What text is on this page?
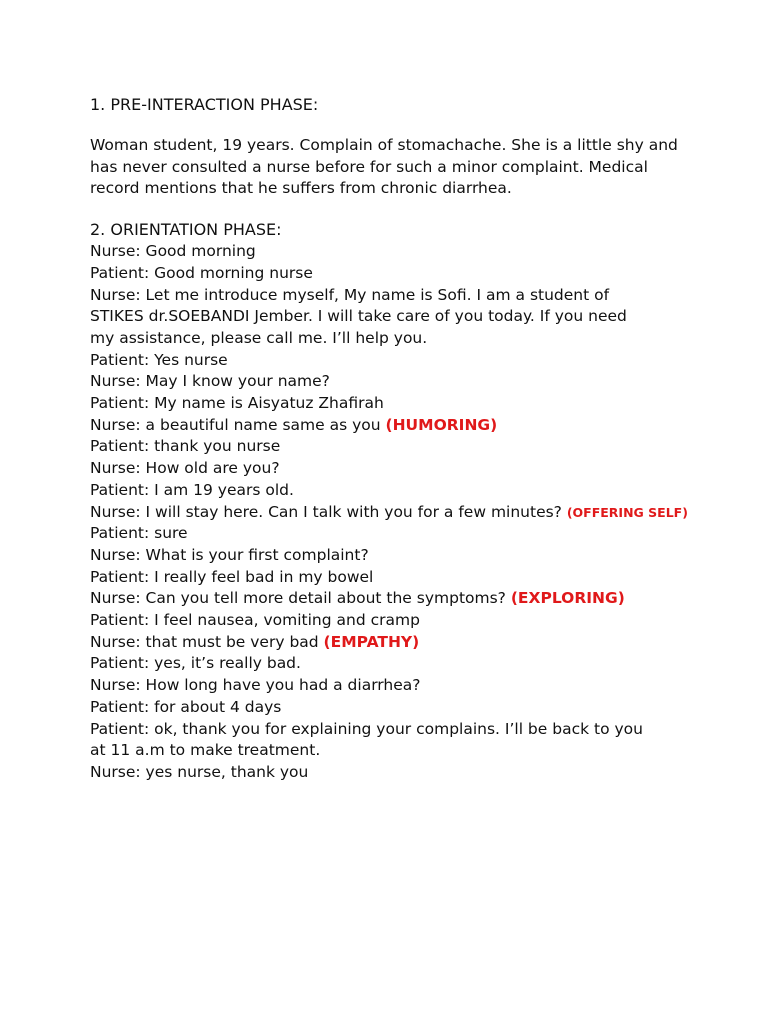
1. PRE-INTERACTION PHASE:

Woman student, 19 years. Complain of stomachache. She is a little shy and has never consulted a nurse before for such a minor complaint. Medical record mentions that he suffers from chronic diarrhea.

2. ORIENTATION PHASE:
Nurse: Good morning
Patient: Good morning nurse
Nurse: Let me introduce myself, My name is Sofi. I am a student of STIKES dr.SOEBANDI Jember. I will take care of you today. If you need my assistance, please call me. I’ll help you.
Patient: Yes nurse
Nurse: May I know your name?
Patient: My name is Aisyatuz Zhafirah
Nurse: a beautiful name same as you (HUMORING)
Patient: thank you nurse
Nurse: How old are you?
Patient: I am 19 years old.
Nurse: I will stay here. Can I talk with you for a few minutes? (OFFERING SELF)
Patient: sure
Nurse: What is your first complaint?
Patient: I really feel bad in my bowel
Nurse: Can you tell more detail about the symptoms? (EXPLORING)
Patient: I feel nausea, vomiting and cramp
Nurse: that must be very bad (EMPATHY)
Patient: yes, it’s really bad.
Nurse: How long have you had a diarrhea?
Patient: for about 4 days
Patient: ok, thank you for explaining your complains. I’ll be back to you at 11 a.m to make treatment.
Nurse: yes nurse, thank you
